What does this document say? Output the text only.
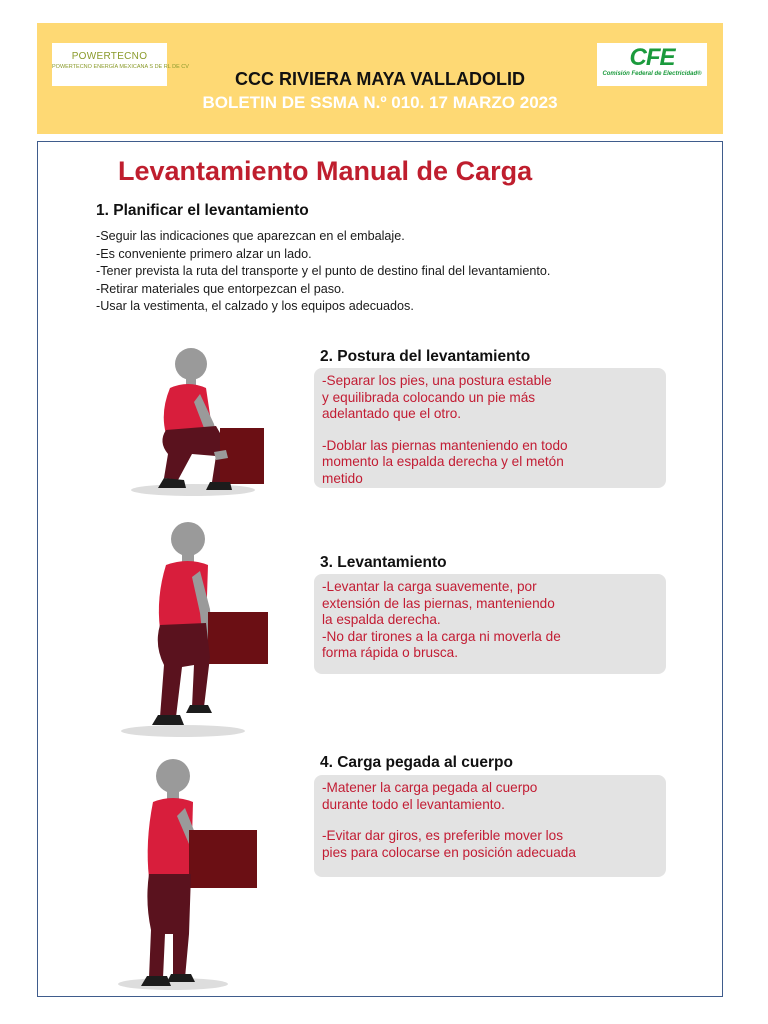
POWERTECNO
POWERTECNO ENERGÍA MEXICANA S DE RL DE CV
CCC RIVIERA MAYA VALLADOLID
BOLETIN DE SSMA N.º 010. 17 MARZO 2023
CFE
Comisión Federal de Electricidad®
Levantamiento Manual de Carga
1. Planificar el levantamiento
-Seguir las indicaciones que aparezcan en el embalaje.
-Es conveniente primero alzar un lado.
-Tener prevista la ruta del transporte y el punto de destino final del levantamiento.
-Retirar materiales que entorpezcan el paso.
-Usar la vestimenta, el calzado y los equipos adecuados.
2. Postura del levantamiento

-Separar los pies, una postura estable

y equilibrada colocando un pie más

adelantado que el otro.

-Doblar las piernas manteniendo en todo

momento la espalda derecha y el metón

metido

3. Levantamiento

-Levantar la carga suavemente, por

extensión de las piernas, manteniendo

la espalda derecha.

-No dar tirones a la carga ni moverla de

forma rápida o brusca.

4. Carga pegada al cuerpo

-Matener la carga pegada al cuerpo

durante todo el levantamiento.

-Evitar dar giros, es preferible mover los

pies para colocarse en posición adecuada
